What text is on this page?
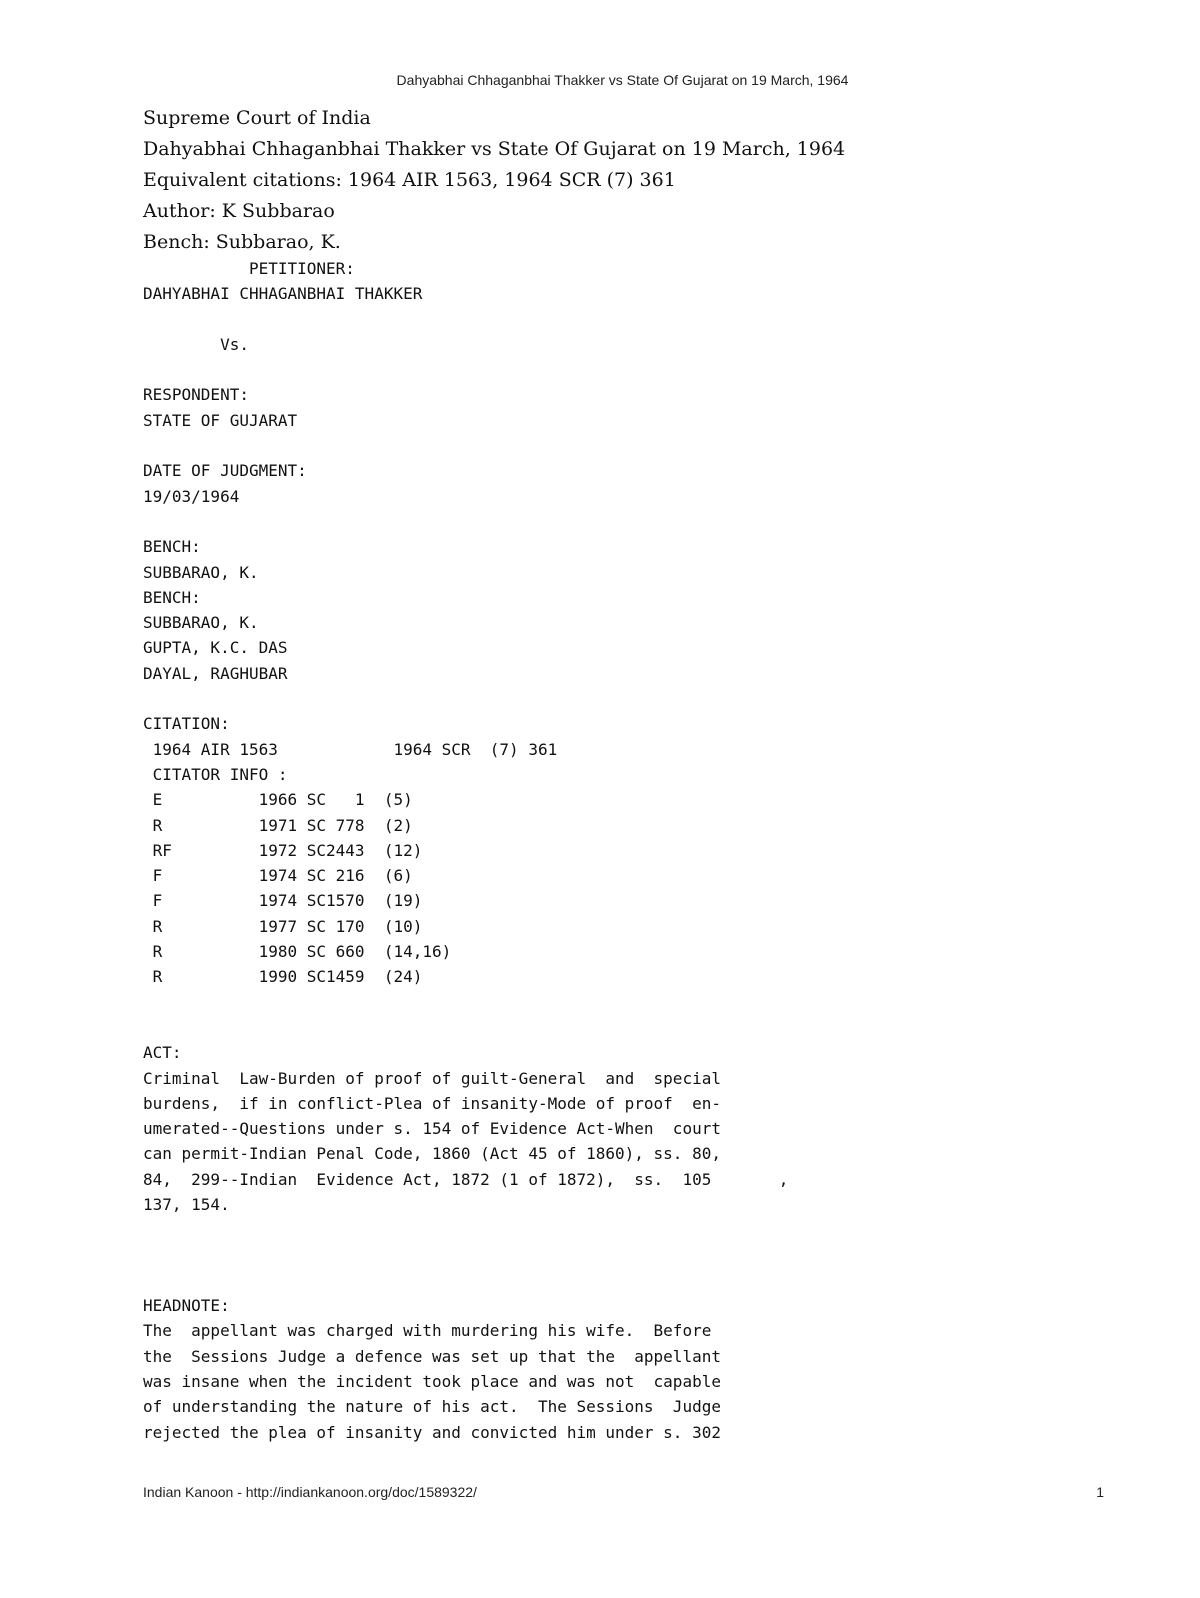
Dahyabhai Chhaganbhai Thakker vs State Of Gujarat on 19 March, 1964
Supreme Court of India
Dahyabhai Chhaganbhai Thakker vs State Of Gujarat on 19 March, 1964
Equivalent citations: 1964 AIR 1563, 1964 SCR (7) 361
Author: K Subbarao
Bench: Subbarao, K.
PETITIONER:
DAHYABHAI CHHAGANBHAI THAKKER
Vs.
RESPONDENT:
STATE OF GUJARAT
DATE OF JUDGMENT:
19/03/1964
BENCH:
SUBBARAO, K.
BENCH:
SUBBARAO, K.
GUPTA, K.C. DAS
DAYAL, RAGHUBAR
CITATION:
1964 AIR 1563            1964 SCR  (7) 361
CITATOR INFO :
E          1966 SC   1  (5)
R          1971 SC 778  (2)
RF         1972 SC2443  (12)
F          1974 SC 216  (6)
F          1974 SC1570  (19)
R          1977 SC 170  (10)
R          1980 SC 660  (14,16)
R          1990 SC1459  (24)
ACT:
Criminal  Law-Burden of proof of guilt-General  and  special
burdens,  if in conflict-Plea of insanity-Mode of proof  en-
umerated--Questions under s. 154 of Evidence Act-When  court
can permit-Indian Penal Code, 1860 (Act 45 of 1860), ss. 80,
84,  299--Indian  Evidence Act, 1872 (1 of 1872),  ss.  105       ,
137, 154.
HEADNOTE:
The  appellant was charged with murdering his wife.  Before
the  Sessions Judge a defence was set up that the  appellant
was insane when the incident took place and was not  capable
of understanding the nature of his act.  The Sessions  Judge
rejected the plea of insanity and convicted him under s. 302
Indian Kanoon - http://indiankanoon.org/doc/1589322/	1
